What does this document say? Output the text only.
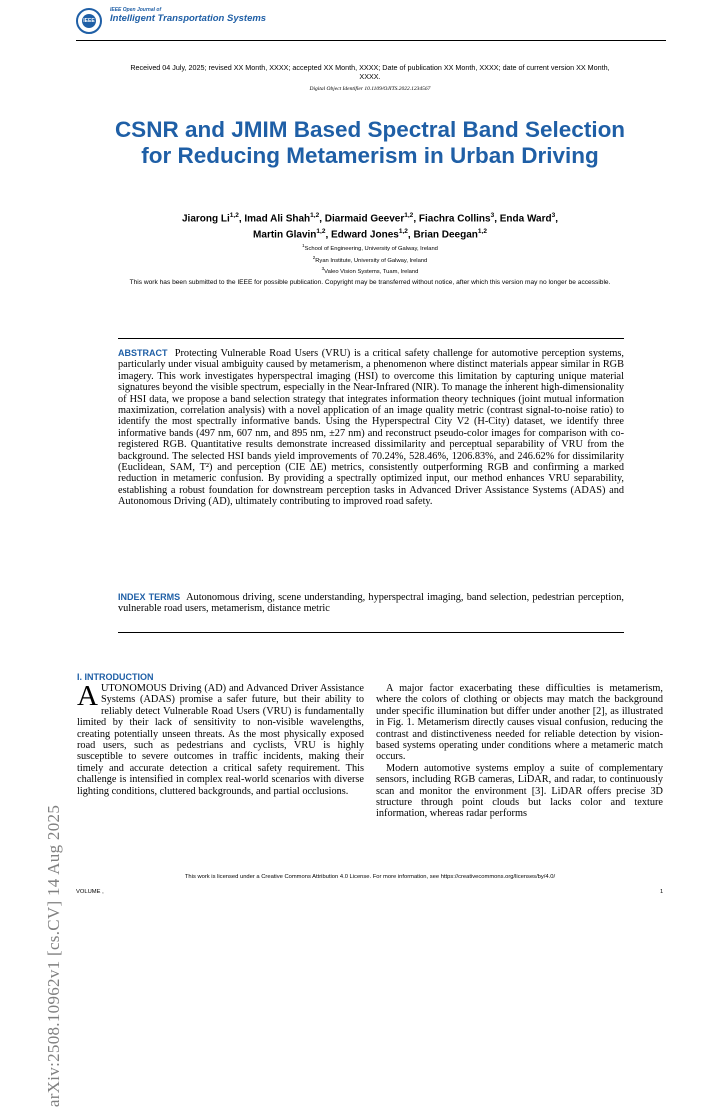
IEEE
IEEE Open Journal of
Intelligent Transportation Systems
arXiv:2508.10962v1 [cs.CV] 14 Aug 2025
Received 04 July, 2025; revised XX Month, XXXX; accepted XX Month, XXXX; Date of publication XX Month, XXXX; date of current version XX Month, XXXX.
Digital Object Identifier 10.1109/OJITS.2022.1234567
CSNR and JMIM Based Spectral Band Selection for Reducing Metamerism in Urban Driving
Jiarong Li$^{1,2}$, Imad Ali Shah$^{1,2}$, Diarmaid Geever$^{1,2}$, Fiachra Collins$^3$, Enda Ward$^3$,
Martin Glavin$^{1,2}$, Edward Jones$^{1,2}$, Brian Deegan$^{1,2}$
$^1$School of Engineering, University of Galway, Ireland
$^2$Ryan Institute, University of Galway, Ireland
$^3$Valeo Vision Systems, Tuam, Ireland
This work has been submitted to the IEEE for possible publication. Copyright may be transferred without notice, after which this version may no longer be accessible.
ABSTRACT Protecting Vulnerable Road Users (VRU) is a critical safety challenge for automotive perception systems, particularly under visual ambiguity caused by metamerism, a phenomenon where distinct materials appear similar in RGB imagery. This work investigates hyperspectral imaging (HSI) to overcome this limitation by capturing unique material signatures beyond the visible spectrum, especially in the Near-Infrared (NIR). To manage the inherent high-dimensionality of HSI data, we propose a band selection strategy that integrates information theory techniques (joint mutual information maximization, correlation analysis) with a novel application of an image quality metric (contrast signal-to-noise ratio) to identify the most spectrally informative bands. Using the Hyperspectral City V2 (H-City) dataset, we identify three informative bands (497 nm, 607 nm, and 895 nm, ±27 nm) and reconstruct pseudo-color images for comparison with co-registered RGB. Quantitative results demonstrate increased dissimilarity and perceptual separability of VRU from the background. The selected HSI bands yield improvements of 70.24%, 528.46%, 1206.83%, and 246.62% for dissimilarity (Euclidean, SAM, T²) and perception (CIE ΔE) metrics, consistently outperforming RGB and confirming a marked reduction in metameric confusion. By providing a spectrally optimized input, our method enhances VRU separability, establishing a robust foundation for downstream perception tasks in Advanced Driver Assistance Systems (ADAS) and Autonomous Driving (AD), ultimately contributing to improved road safety.
INDEX TERMS Autonomous driving, scene understanding, hyperspectral imaging, band selection, pedestrian perception, vulnerable road users, metamerism, distance metric
I. INTRODUCTION

AUTONOMOUS Driving (AD) and Advanced Driver Assistance Systems (ADAS) promise a safer future, but their ability to reliably detect Vulnerable Road Users (VRU) is fundamentally limited by their lack of sensitivity to non-visible wavelengths, creating potentially unseen threats. As the most physically exposed road users, such as pedestrians and cyclists, VRU is highly susceptible to severe outcomes in traffic incidents, making their timely and accurate detection a critical safety requirement. This challenge is intensified in complex real-world scenarios with diverse lighting conditions, cluttered backgrounds, and partial occlusions.

A major factor exacerbating these difficulties is metamerism, where the colors of clothing or objects may match the background under specific illumination but differ under another [2], as illustrated in Fig. 1. Metamerism directly causes visual confusion, reducing the contrast and distinctiveness needed for reliable detection by vision-based systems operating under conditions where a metameric match occurs.

Modern automotive systems employ a suite of complementary sensors, including RGB cameras, LiDAR, and radar, to continuously scan and monitor the environment [3]. LiDAR offers precise 3D structure through point clouds but lacks color and texture information, whereas radar performs

This work is licensed under a Creative Commons Attribution 4.0 License. For more information, see https://creativecommons.org/licenses/by/4.0/
VOLUME ,	1
